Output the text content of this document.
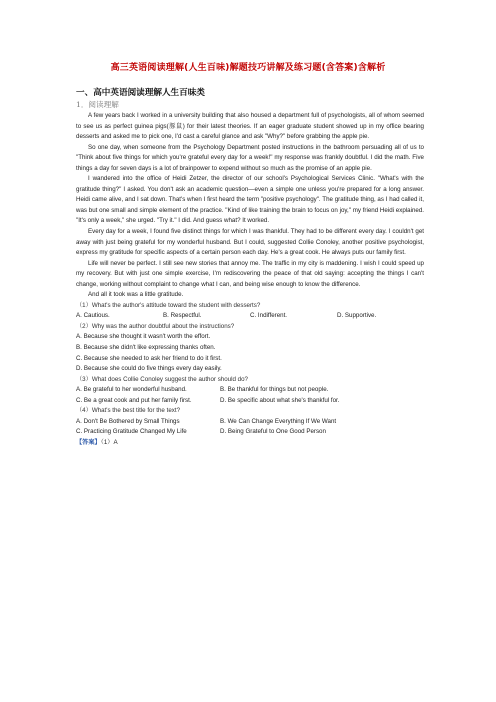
高三英语阅读理解(人生百味)解题技巧讲解及练习题(含答案)含解析
一、高中英语阅读理解人生百味类
1．阅读理解

A few years back I worked in a university building that also housed a department full of psychologists, all of whom seemed to see us as perfect guinea pigs(豚鼠) for their latest theories. If an eager graduate student showed up in my office bearing desserts and asked me to pick one, I'd cast a careful glance and ask "Why?" before grabbing the apple pie.

So one day, when someone from the Psychology Department posted instructions in the bathroom persuading all of us to "Think about five things for which you're grateful every day for a week!" my response was frankly doubtful. I did the math. Five things a day for seven days is a lot of brainpower to expend without so much as the promise of an apple pie.

I wandered into the office of Heidi Zetzer, the director of our school's Psychological Services Clinic. "What's with the gratitude thing?" I asked. You don't ask an academic question—even a simple one unless you're prepared for a long answer. Heidi came alive, and I sat down. That's when I first heard the term "positive psychology". The gratitude thing, as I had called it, was but one small and simple element of the practice. "Kind of like training the brain to focus on joy," my friend Heidi explained. "It's only a week," she urged. "Try it." I did. And guess what? It worked.

Every day for a week, I found five distinct things for which I was thankful. They had to be different every day. I couldn't get away with just being grateful for my wonderful husband. But I could, suggested Collie Conoley, another positive psychologist, express my gratitude for specific aspects of a certain person each day. He's a great cook. He always puts our family first.

Life will never be perfect. I still see new stories that annoy me. The traffic in my city is maddening. I wish I could speed up my recovery. But with just one simple exercise, I'm rediscovering the peace of that old saying: accepting the things I can't change, working without complaint to change what I can, and being wise enough to know the difference.

And all it took was a little gratitude.

（1）What's the author's attitude toward the student with desserts?

A. Cautious.	B. Respectful.	C. Indifferent.	D. Supportive.

（2）Why was the author doubtful about the instructions?

A. Because she thought it wasn't worth the effort.

B. Because she didn't like expressing thanks often.

C. Because she needed to ask her friend to do it first.

D. Because she could do five things every day easily.

（3）What does Collie Conoley suggest the author should do?

A. Be grateful to her wonderful husband.	B. Be thankful for things but not people.
C. Be a great cook and put her family first.	D. Be specific about what she's thankful for.

（4）What's the best title for the text?

A. Don't Be Bothered by Small Things	B. We Can Change Everything If We Want
C. Practicing Gratitude Changed My Life	D. Being Grateful to One Good Person

【答案】（1）A
